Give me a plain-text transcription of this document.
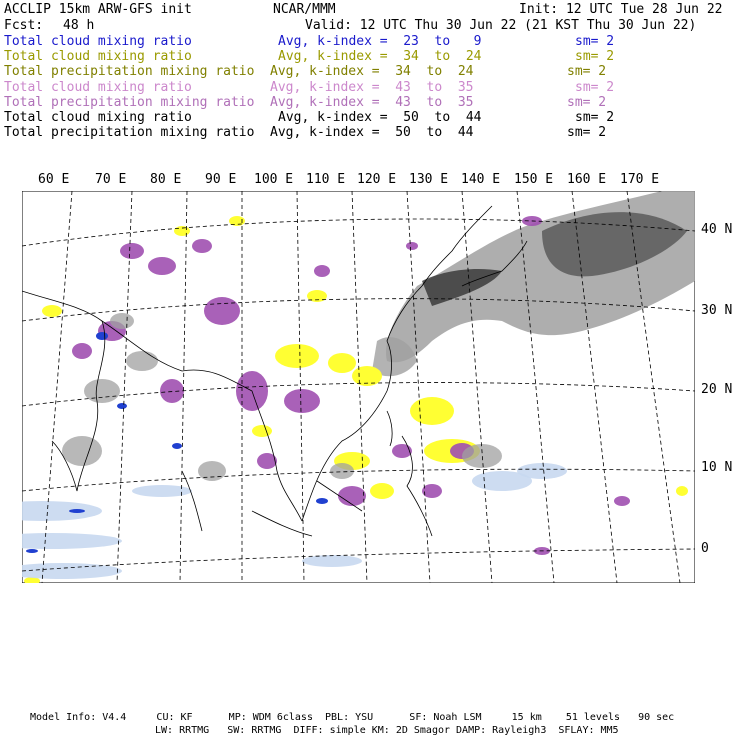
ACCLIP 15km ARW-GFS init	NCAR/MMM	Init: 12 UTC Tue 28 Jun 22
Fcst: 48 h	Valid: 12 UTC Thu 30 Jun 22 (21 KST Thu 30 Jun 22)
Total cloud mixing ratio	Avg, k-index =  23  to   9	sm= 2
Total cloud mixing ratio	Avg, k-index =  34  to  24	sm= 2
Total precipitation mixing ratio Avg, k-index =  34  to  24	sm= 2
Total cloud mixing ratio	Avg, k-index =  43  to  35	sm= 2
Total precipitation mixing ratio Avg, k-index =  43  to  35	sm= 2
Total cloud mixing ratio	Avg, k-index =  50  to  44	sm= 2
Total precipitation mixing ratio Avg, k-index =  50  to  44	sm= 2
60 E 70 E 80 E 90 E 100 E 110 E 120 E 130 E 140 E 150 E 160 E 170 E
40 N
30 N
20 N
10 N
0
Model Info: V4.4     CU: KF      MP: WDM 6class  PBL: YSU      SF: Noah LSM     15 km    51 levels   90 sec
LW: RRTMG   SW: RRTMG  DIFF: simple KM: 2D Smagor DAMP: Rayleigh3  SFLAY: MM5
